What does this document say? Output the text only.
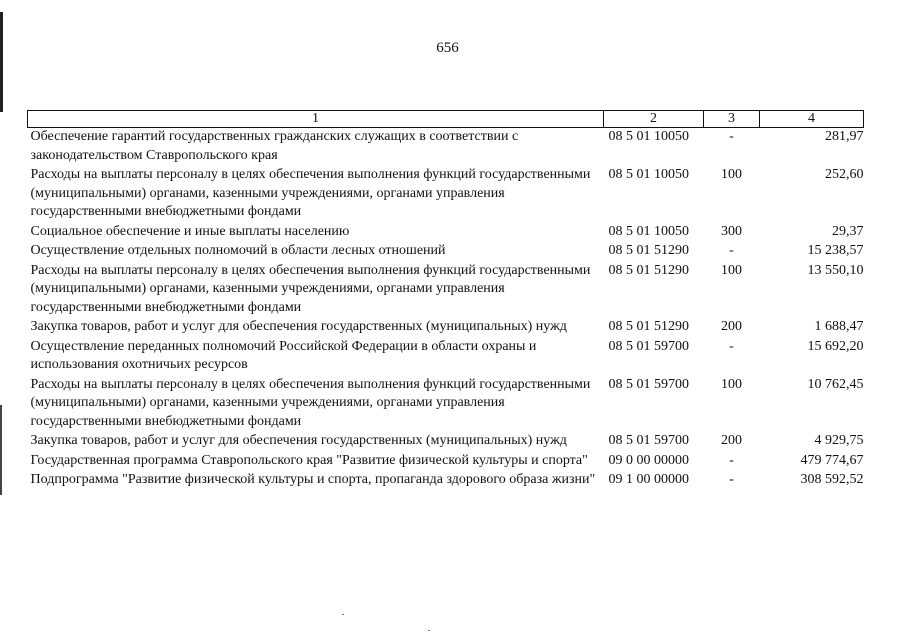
656
1	2	3	4
Обеспечение гарантий государственных гражданских служащих в соответствии с законодательством Ставропольского края	08 5 01 10050	-	281,97
Расходы на выплаты персоналу в целях обеспечения выполнения функций государственными (муниципальными) органами, казенными учреждениями, органами управления государственными внебюджетными фондами	08 5 01 10050	100	252,60
Социальное обеспечение и иные выплаты населению	08 5 01 10050	300	29,37
Осуществление отдельных полномочий в области лесных отношений	08 5 01 51290	-	15 238,57
Расходы на выплаты персоналу в целях обеспечения выполнения функций государственными (муниципальными) органами, казенными учреждениями, органами управления государственными внебюджетными фондами	08 5 01 51290	100	13 550,10
Закупка товаров, работ и услуг для обеспечения государственных (муниципальных) нужд	08 5 01 51290	200	1 688,47
Осуществление переданных полномочий Российской Федерации в области охраны и использования охотничьих ресурсов	08 5 01 59700	-	15 692,20
Расходы на выплаты персоналу в целях обеспечения выполнения функций государственными (муниципальными) органами, казенными учреждениями, органами управления государственными внебюджетными фондами	08 5 01 59700	100	10 762,45
Закупка товаров, работ и услуг для обеспечения государственных (муниципальных) нужд	08 5 01 59700	200	4 929,75
Государственная программа Ставропольского края "Развитие физической культуры и спорта"	09 0 00 00000	-	479 774,67
Подпрограмма "Развитие физической культуры и спорта, пропаганда здорового образа жизни"	09 1 00 00000	-	308 592,52
